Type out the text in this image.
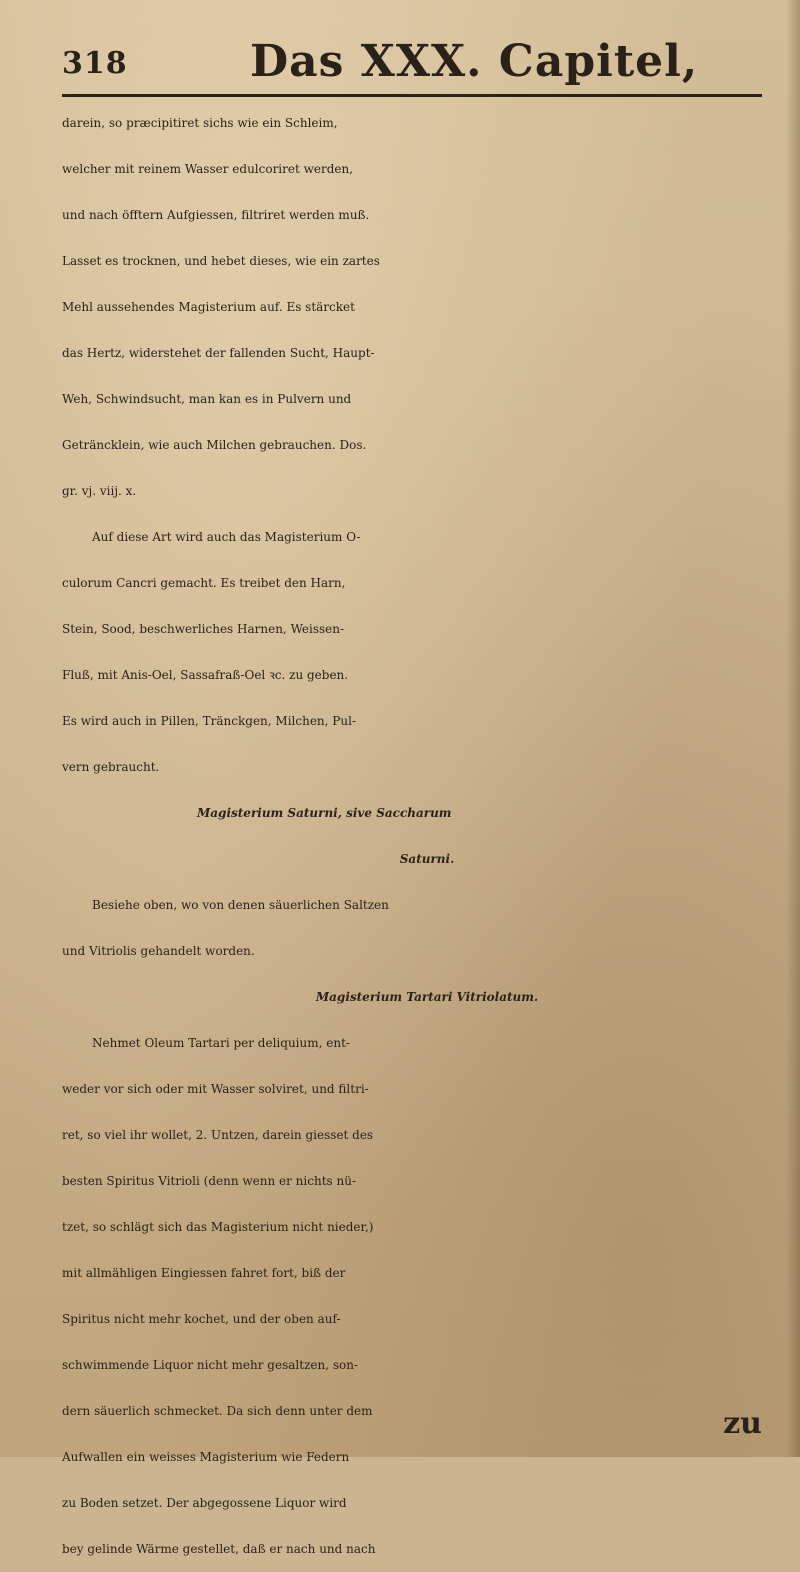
318	Das XXX. Capitel,
darein, so præcipitiret sichs wie ein Schleim,
welcher mit reinem Wasser edulcoriret werden,
und nach öfftern Aufgiessen, filtriret werden muß.
Lasset es trocknen, und hebet dieses, wie ein zartes
Mehl aussehendes Magisterium auf. Es stärcket
das Hertz, widerstehet der fallenden Sucht, Haupt-
Weh, Schwindsucht, man kan es in Pulvern und
Geträncklein, wie auch Milchen gebrauchen. Dos.
gr. vj. viij. x.
Auf diese Art wird auch das Magisterium O-
culorum Cancri gemacht. Es treibet den Harn,
Stein, Sood, beschwerliches Harnen, Weissen-
Fluß, mit Anis-Oel, Sassafraß-Oel ꝛc. zu geben.
Es wird auch in Pillen, Tränckgen, Milchen, Pul-
vern gebraucht.
Magisterium Saturni, sive Saccharum
Saturni.
Besiehe oben, wo von denen säuerlichen Saltzen
und Vitriolis gehandelt worden.
Magisterium Tartari Vitriolatum.
Nehmet Oleum Tartari per deliquium, ent-
weder vor sich oder mit Wasser solviret, und filtri-
ret, so viel ihr wollet, 2. Untzen, darein giesset des
besten Spiritus Vitrioli (denn wenn er nichts nü-
tzet, so schlägt sich das Magisterium nicht nieder,)
mit allmähligen Eingiessen fahret fort, biß der
Spiritus nicht mehr kochet, und der oben auf-
schwimmende Liquor nicht mehr gesaltzen, son-
dern säuerlich schmecket. Da sich denn unter dem
Aufwallen ein weisses Magisterium wie Federn
zu Boden setzet. Der abgegossene Liquor wird
bey gelinde Wärme gestellet, daß er nach und nach
zu
